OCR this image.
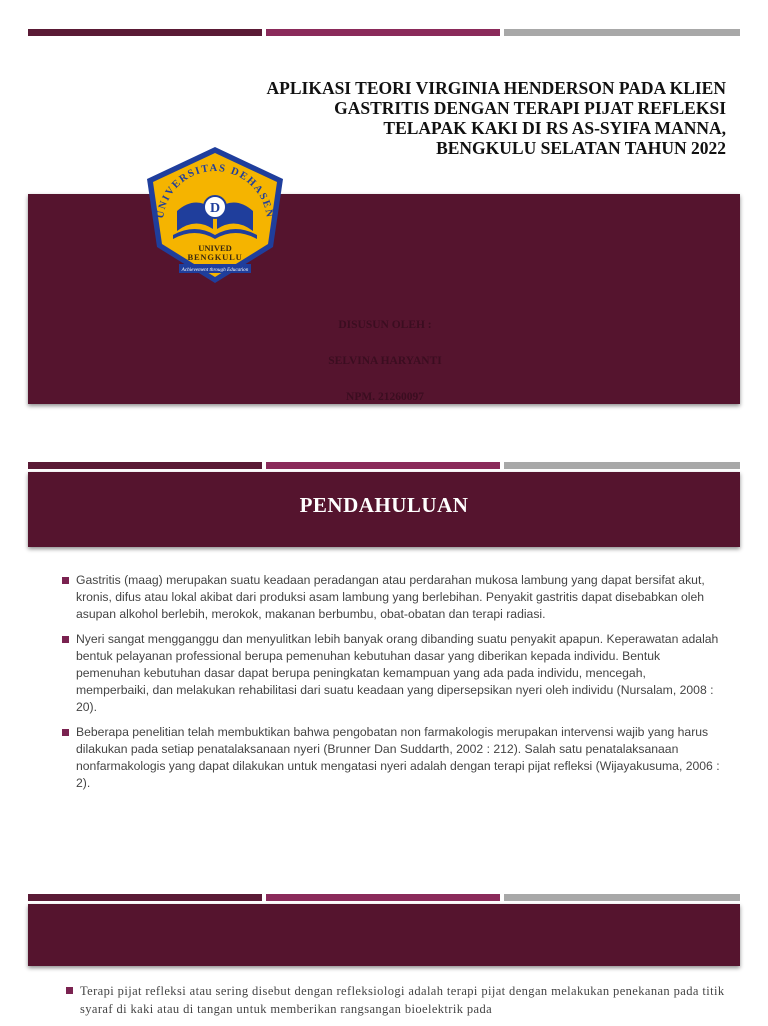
APLIKASI TEORI VIRGINIA HENDERSON PADA KLIEN
GASTRITIS DENGAN TERAPI PIJAT REFLEKSI
TELAPAK KAKI DI RS AS-SYIFA MANNA,
BENGKULU SELATAN TAHUN 2022
UNIVERSITAS DEHASEN
D
UNIVED
BENGKULU
Achievement through Education
DISUSUN OLEH :
SELVINA HARYANTI
NPM. 21260097
PENDAHULUAN
Gastritis (maag) merupakan suatu keadaan peradangan atau perdarahan mukosa lambung yang dapat bersifat akut, kronis, difus atau lokal akibat dari produksi asam lambung yang berlebihan. Penyakit gastritis dapat disebabkan oleh asupan alkohol berlebih, merokok, makanan berbumbu, obat-obatan dan terapi radiasi.
Nyeri sangat mengganggu dan menyulitkan lebih banyak orang dibanding suatu penyakit apapun. Keperawatan adalah bentuk pelayanan professional berupa pemenuhan kebutuhan dasar yang diberikan kepada individu. Bentuk pemenuhan kebutuhan dasar dapat berupa peningkatan kemampuan yang ada pada individu, mencegah, memperbaiki, dan melakukan rehabilitasi dari suatu keadaan yang dipersepsikan nyeri oleh individu (Nursalam, 2008 : 20).
Beberapa penelitian telah membuktikan bahwa pengobatan non farmakologis merupakan intervensi wajib yang harus dilakukan pada setiap penatalaksanaan nyeri (Brunner Dan Suddarth, 2002 : 212). Salah satu penatalaksanaan nonfarmakologis yang dapat dilakukan untuk mengatasi nyeri adalah dengan terapi pijat refleksi (Wijayakusuma, 2006 : 2).
Terapi pijat refleksi atau sering disebut dengan refleksiologi adalah terapi pijat dengan melakukan penekanan pada titik syaraf di kaki atau di tangan untuk memberikan rangsangan bioelektrik pada
